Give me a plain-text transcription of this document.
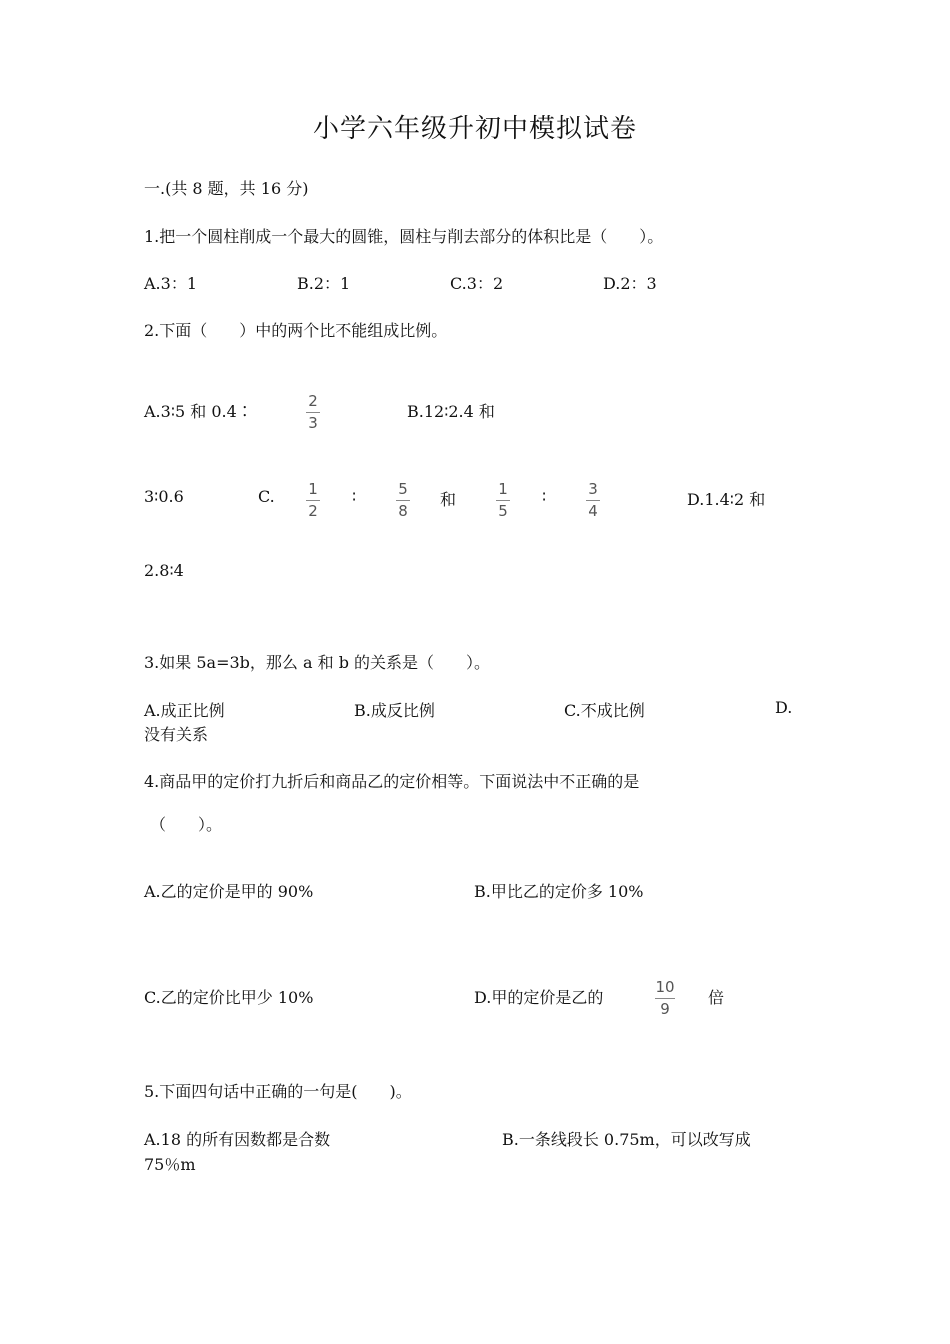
小学六年级升初中模拟试卷
一.(共 8 题，共 16 分)
1.把一个圆柱削成一个最大的圆锥，圆柱与削去部分的体积比是（　　）。
A.3：1	B.2：1	C.3：2	D.2：3
2.下面（　　）中的两个比不能组成比例。
A.3∶5 和 0.4∶
2
3
B.12∶2.4 和
3∶0.6	C. 1
2
∶	5
8
和
1
5
∶	3
4
D.1.4∶2 和
2.8∶4
3.如果 5a=3b，那么 a 和 b 的关系是（　　）。
A.成正比例	B.成反比例	C.不成比例	D.
没有关系
4.商品甲的定价打九折后和商品乙的定价相等。下面说法中不正确的是
（　　）。
A.乙的定价是甲的 90%	B.甲比乙的定价多 10%
C.乙的定价比甲少 10%	D.甲的定价是乙的
10
9
倍
5.下面四句话中正确的一句是(　　)。
A.18 的所有因数都是合数	B.一条线段长 0.75m，可以改写成
75％m
